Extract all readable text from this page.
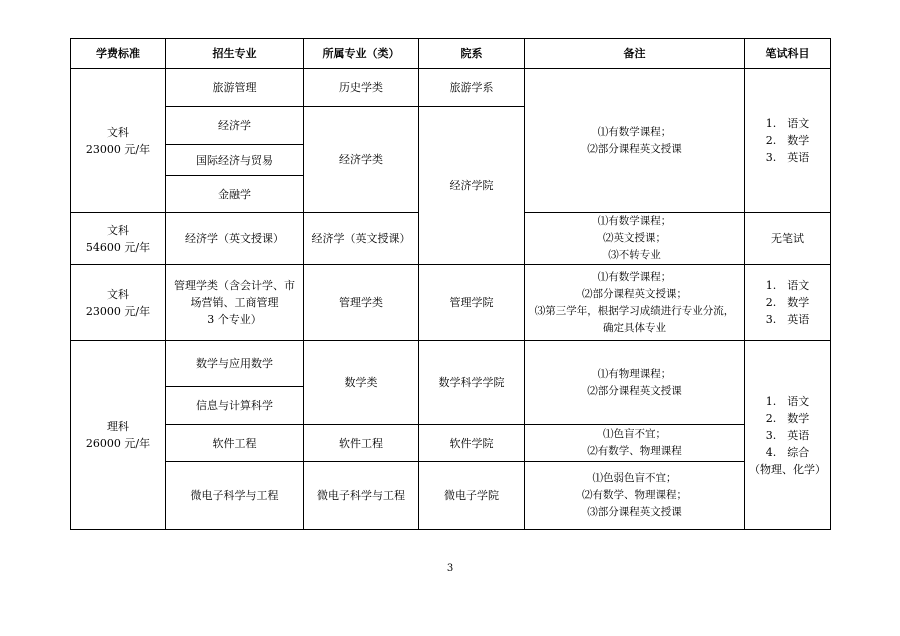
学费标准	招生专业	所属专业（类）	院系	备注	笔试科目

文科
23000 元/年	旅游管理	历史学类	旅游学系	⑴有数学课程；
⑵部分课程英文授课	1.　语文
2.　数学
3.　英语

	经济学	经济学类	经济学院		
	国际经济与贸易				
	金融学				

文科
54600 元/年	经济学（英文授课）	经济学（英文授课）		⑴有数学课程；
⑵英文授课；
⑶不转专业	无笔试

文科
23000 元/年	管理学类（含会计学、市
场营销、工商管理
3 个专业）	管理学类	管理学院	⑴有数学课程；
⑵部分课程英文授课；
⑶第三学年，根据学习成绩进行专业分流，
确定具体专业	1.　语文
2.　数学
3.　英语

理科
26000 元/年	数学与应用数学	数学类	数学科学学院	⑴有物理课程；
⑵部分课程英文授课	1.　语文
2.　数学
3.　英语
4.　综合
（物理、化学）

	信息与计算科学				
	软件工程	软件工程	软件学院	⑴色盲不宜；
⑵有数学、物理课程	

	微电子科学与工程	微电子科学与工程	微电子学院	⑴色弱色盲不宜；
⑵有数学、物理课程；
⑶部分课程英文授课	
3
